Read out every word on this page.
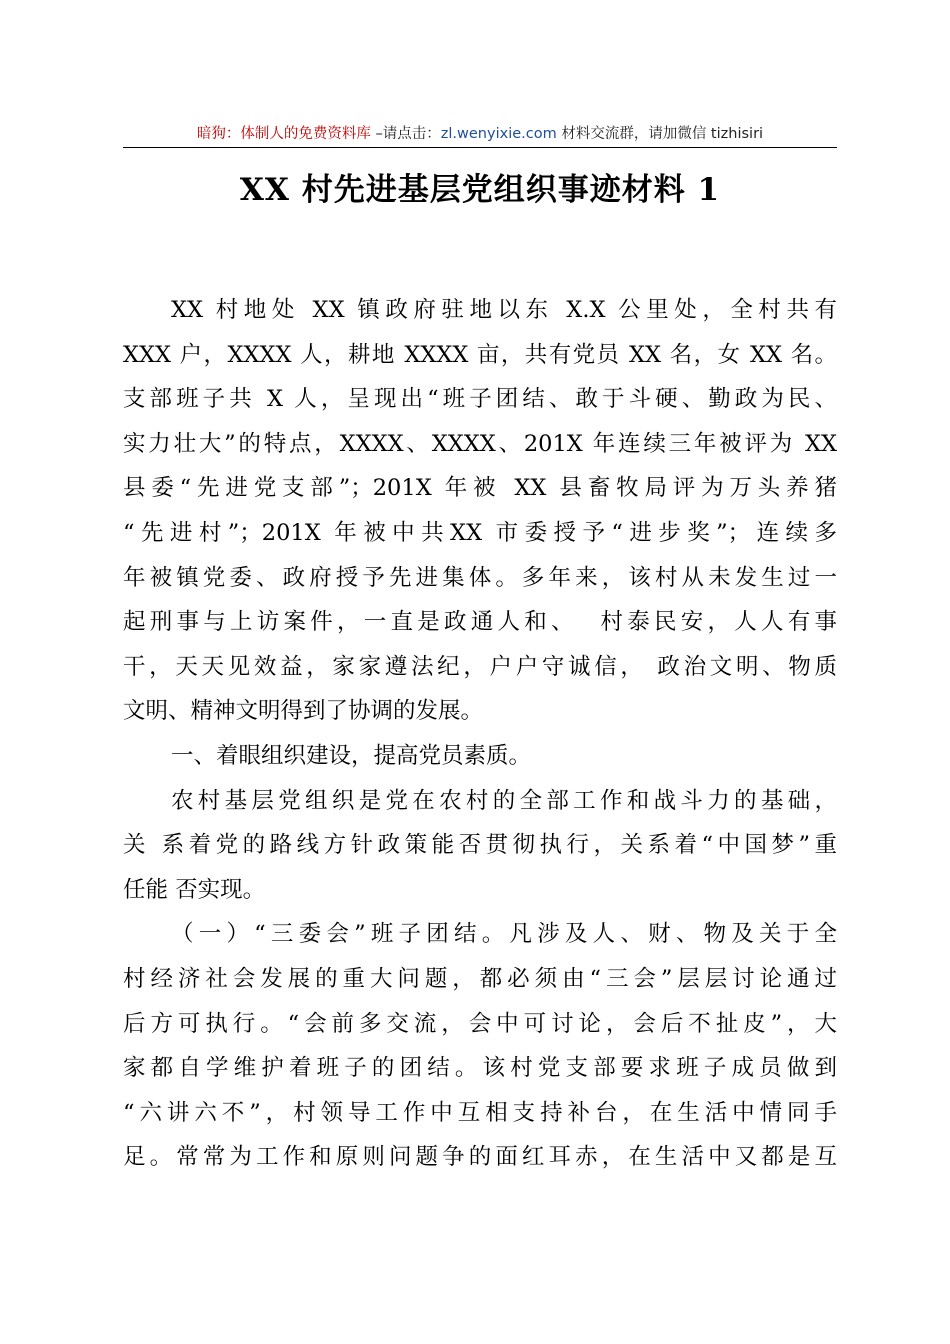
暗狗：体制人的免费资料库 –请点击：zl.wenyixie.com 材料交流群，请加微信 tizhisiri
XX 村先进基层党组织事迹材料 1
XX 村地处 XX 镇政府驻地以东 X.X 公里处，全村共有
XXX 户，XXXX 人，耕地 XXXX 亩，共有党员 XX 名，女 XX 名。
支部班子共 X 人，呈现出“班子团结、敢于斗硬、勤政为民、
实力壮大”的特点，XXXX、XXXX、201X 年连续三年被评为 XX
县委“先进党支部”；201X 年被 XX 县畜牧局评为万头养猪
“先进村”；201X 年被中共XX 市委授予“进步奖”；连续多
年被镇党委、政府授予先进集体。多年来，该村从未发生过一
起刑事与上访案件，一直是政通人和、  村泰民安，人人有事
干，天天见效益，家家遵法纪，户户守诚信， 政治文明、物质
文明、精神文明得到了协调的发展。
一、着眼组织建设，提高党员素质。
农村基层党组织是党在农村的全部工作和战斗力的基础，
关 系着党的路线方针政策能否贯彻执行，关系着“中国梦”重
任能 否实现。
（一）“三委会”班子团结。凡涉及人、财、物及关于全
村经济社会发展的重大问题，都必须由“三会”层层讨论通过
后方可执行。“会前多交流，会中可讨论，会后不扯皮”，大
家都自学维护着班子的团结。该村党支部要求班子成员做到
“六讲六不”，村领导工作中互相支持补台，在生活中情同手
足。常常为工作和原则问题争的面红耳赤，在生活中又都是互
